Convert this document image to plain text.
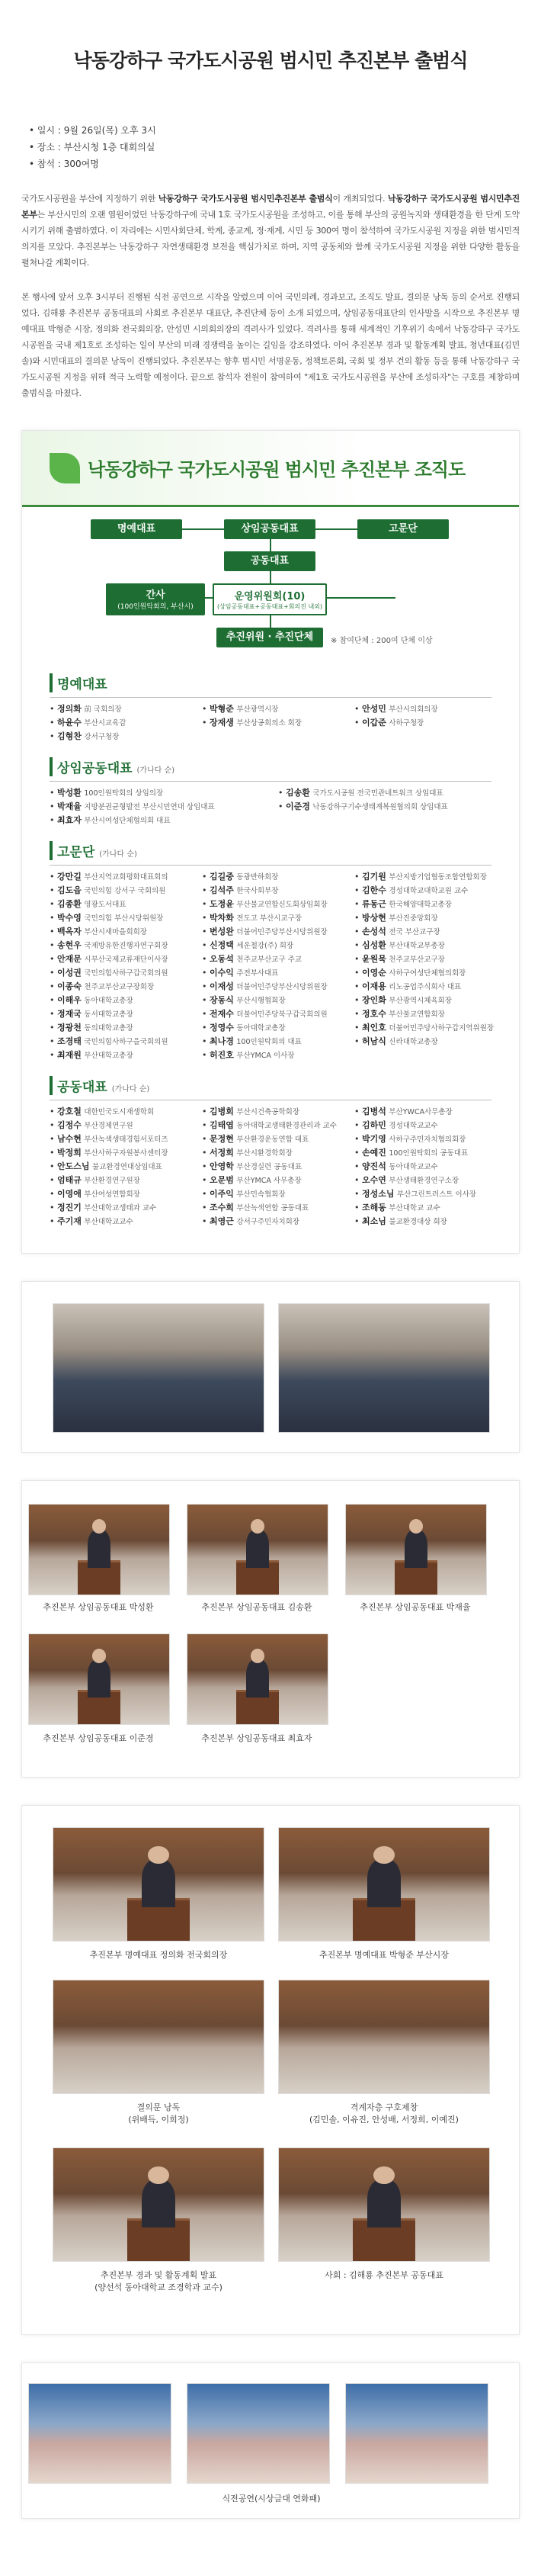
낙동강하구 국가도시공원 범시민 추진본부 출범식
• 일시 : 9월 26일(목) 오후 3시
• 장소 : 부산시청 1층 대회의실
• 참석 : 300여명

국가도시공원을 부산에 지정하기 위한 낙동강하구 국가도시공원 범시민추진본부 출범식이 개최되었다. 낙동강하구 국가도시공원 범시민추진본부는 부산시민의 오랜 염원이었던 낙동강하구에 국내 1호 국가도시공원을 조성하고, 이를 통해 부산의 공원녹지와 생태환경을 한 단계 도약시키기 위해 출범하였다. 이 자리에는 시민사회단체, 학계, 종교계, 정·재계, 시민 등 300여 명이 참석하여 국가도시공원 지정을 위한 범시민적 의지를 모았다. 추진본부는 낙동강하구 자연생태환경 보전을 핵심가치로 하며, 지역 공동체와 함께 국가도시공원 지정을 위한 다양한 활동을 펼쳐나갈 계획이다.

본 행사에 앞서 오후 3시부터 진행된 식전 공연으로 시작을 알렸으며 이어 국민의례, 경과보고, 조직도 발표, 결의문 낭독 등의 순서로 진행되었다. 김해룡 추진본부 공동대표의 사회로 추진본부 대표단, 추진단체 등이 소개 되었으며, 상임공동대표단의 인사말을 시작으로 추진본부 명예대표 박형준 시장, 정의화 전국회의장, 안성민 시의회의장의 격려사가 있었다. 격려사를 통해 세계적인 기후위기 속에서 낙동강하구 국가도시공원을 국내 제1호로 조성하는 일이 부산의 미래 경쟁력을 높이는 길임을 강조하였다. 이어 추진본부 경과 및 활동계획 발표, 청년대표(김민솔)와 시민대표의 결의문 낭독이 진행되었다. 추진본부는 향후 범시민 서명운동, 정책토론회, 국회 및 정부 건의 활동 등을 통해 낙동강하구 국가도시공원 지정을 위해 적극 노력할 예정이다. 끝으로 참석자 전원이 참여하여 "제1호 국가도시공원을 부산에 조성하자"는 구호를 제창하며 출범식을 마쳤다.

낙동강하구 국가도시공원 범시민 추진본부 조직도
명예대표	상임공동대표	고문단
공동대표
간사
(100인원탁회의, 부산시)
운영위원회(10)
(상임공동대표+공동대표+회의진 내외)
추진위원 · 추진단체	※ 참여단체 : 200여 단체 이상
명예대표
• 정의화 前 국회의장	• 박형준 부산광역시장	• 안성민 부산시의회의장
• 하윤수 부산시교육감	• 장재생 부산상공회의소 회장	• 이갑준 사하구청장
• 김형찬 강서구청장
상임공동대표 (가나다 순)
• 박성환 100인원탁회의 상임의장	• 김송환 국가도시공원 전국민관네트워크 상임대표
• 박재율 지방분권균형발전 부산시민연대 상임대표	• 이준경 낙동강하구기수생태계복원협의회 상임대표
• 최효자 부산시여성단체협의회 대표
고문단 (가나다 순)
• 강만길 부산지역교회평화대표회의	• 김길중 동광반하회장	• 김기원 부산지방기업협동조합연합회장
• 김도읍 국민의힘 강서구 국회의원	• 김석주 한국사회부장	• 김한수 경성대학교대학교원 교수
• 김종환 영광도서대표	• 도정윤 부산불교연합신도회상임회장	• 류동근 한국해양대학교총장
• 박수영 국민의힘 부산시당위원장	• 박차화 전도고 부산시교구장	• 방상현 부산진중앙회장
• 백옥자 부산시새마을회회장	• 변성완 더불어민주당부산시당위원장	• 손성석 전국 부산교구장
• 송현우 국제방유한진행자연구회장	• 신정택 세운철강(주) 회장	• 심성환 부산대학교부총장
• 안재문 시부산국제교류재단이사장	• 오동석 천주교부산교구 주교	• 윤원묵 천주교부산교구장
• 이성권 국민의힘사하구갑국회의원	• 이수익 주전부사대표	• 이영순 사하구여성단체협의회장
• 이종숙 천주교부산교구장회장	• 이재성 더불어민주당부산시당위원장	• 이재용 리노공업주식회사 대표
• 이해우 동아대학교총장	• 장동식 부산시행협회장	• 장인화 부산광역시체육회장
• 정재국 동서대학교총장	• 전재수 더불어민주당북구갑국회의원	• 정호수 부산불교연합회장
• 정광천 동의대학교총장	• 정영수 동아대학교총장	• 최인호 더불어민주당사하구갑지역위원장
• 조경태 국민의힘사하구을국회의원	• 최나경 100인원탁회의 대표	• 허남식 신라대학교총장
• 최재원 부산대학교총장	• 허진호 부산YMCA 이사장
공동대표 (가나다 순)
• 강호철 대한민국도시재생학회	• 김병회 부산시건축공학회장	• 김병석 부산YWCA사무총장
• 김정수 부산경제연구원	• 김태엽 동아대학교생태환경관리과 교수	• 김하민 경성대학교교수
• 남수현 부산녹색생태경험서포터즈	• 문정현 부산환경운동연합 대표	• 박기영 사하구주민자치협의회장
• 박정희 부산사하구자원봉사센터장	• 서정희 부산시환경학회장	• 손예진 100인원탁회의 공동대표
• 안도스님 불교환경연대상임대표	• 안영학 부산경실련 공동대표	• 양진석 동아대학교교수
• 엄태규 부산환경연구원장	• 오문범 부산YMCA 사무총장	• 오수연 부산생태환경연구소장
• 이영애 부산여성연합회장	• 이주익 부산민속협회장	• 정성소님 부산그린트러스트 이사장
• 정진기 부산대학교생태과 교수	• 조수희 부산녹색연합 공동대표	• 조해동 부산대학교 교수
• 주기재 부산대학교교수	• 최영근 강서구주민자치회장	• 최소님 불교환경대상 회장
추진본부 상임공동대표 박성환	추진본부 상임공동대표 김송환	추진본부 상임공동대표 박재율
추진본부 상임공동대표 이준경	추진본부 상임공동대표 최효자
추진본부 명예대표 정의화 전국회의장	추진본부 명예대표 박형준 부산시장
결의문 낭독
(위배득, 이희정)
격계자층 구호제창
(김민솔, 이유진, 안성배, 서정희, 이예진)
추진본부 경과 및 활동계획 발표
(양선석 동아대학교 조경학과 교수)
사회 : 김해룡 추진본부 공동대표
식전공연(시상글대 연화패)
